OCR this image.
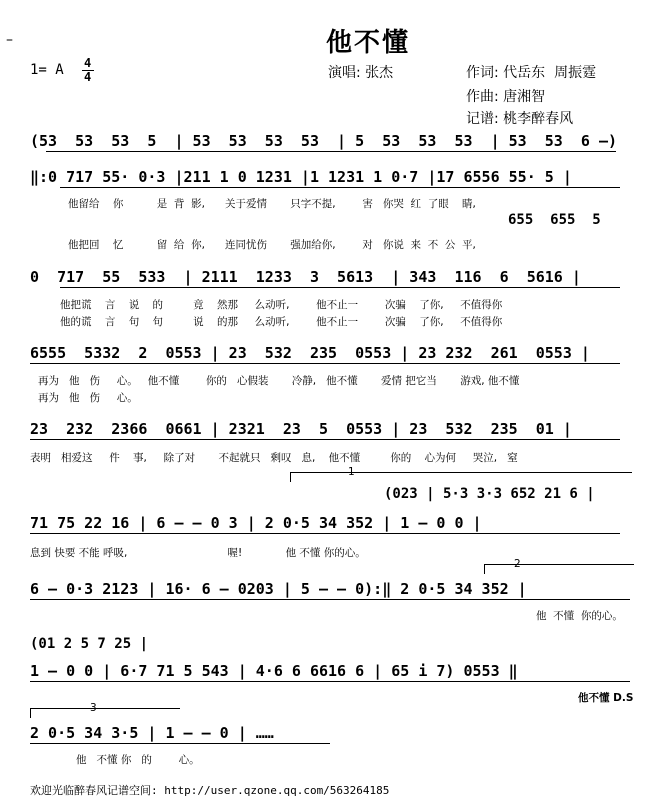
–	他不懂
1= A 4
4	演唱: 张杰	作词: 代岳东  周振霆
作曲: 唐湘智
记谱: 桃李醉春风
(53  53  53  5  | 53  53  53  53  | 5  53  53  53  | 53  53  6 –)
‖:0 717 55· 0·3 |211 1 0 1231 |1 1231 1 0·7 |17 6556 55· 5 |
他留给    你          是  背  影,      关于爱情       只字不提,        害   你哭  红  了眼    睛,
655  655  5
他把回    忆          留  给  你,      连同忧伤       强加给你,        对   你说  来  不  公  平,
0  717  55  533  | 2111  1233  3  5613  | 343  116  6  5616 |
他把谎    言    说    的         竟    然那     么动听,        他不止一        次骗    了你,     不值得你
他的谎    言    句    句         说    的那     么动听,        他不止一        次骗    了你,     不值得你
6555  5332  2  0553 | 23  532  235  0553 | 23 232  261  0553 |
再为   他   伤     心。   他不懂        你的   心假装       冷静,   他不懂       爱情 把它当       游戏, 他不懂
再为   他   伤     心。
23  232  2366  0661 | 2321  23  5  0553 | 23  532  235  01 |
表明   相爱这     件    事,     除了对       不起就只   剩叹   息,    他不懂         你的    心为何     哭泣,   窒
1
(023 | 5·3 3·3 652 21 6 |
71 75 22 16 | 6 – – 0 3 | 2 0·5 34 352 | 1 – 0 0 |
息到 快要 不能 呼吸,                              喔!             他 不懂 你的心。
2
6 – 0·3 2123 | 16· 6 – 0203 | 5 – – 0):‖ 2 0·5 34 352 |
他  不懂  你的心。
(01 2 5 7 25 |
1 – 0 0 | 6·7 71 5 543 | 4·6 6 6616 6 | 65 i 7) 0553 ‖
他不懂 D.S
3
2 0·5 34 3·5 | 1 – – 0 | ……
他   不懂 你   的        心。
欢迎光临醉春风记谱空间: http://user.qzone.qq.com/563264185
